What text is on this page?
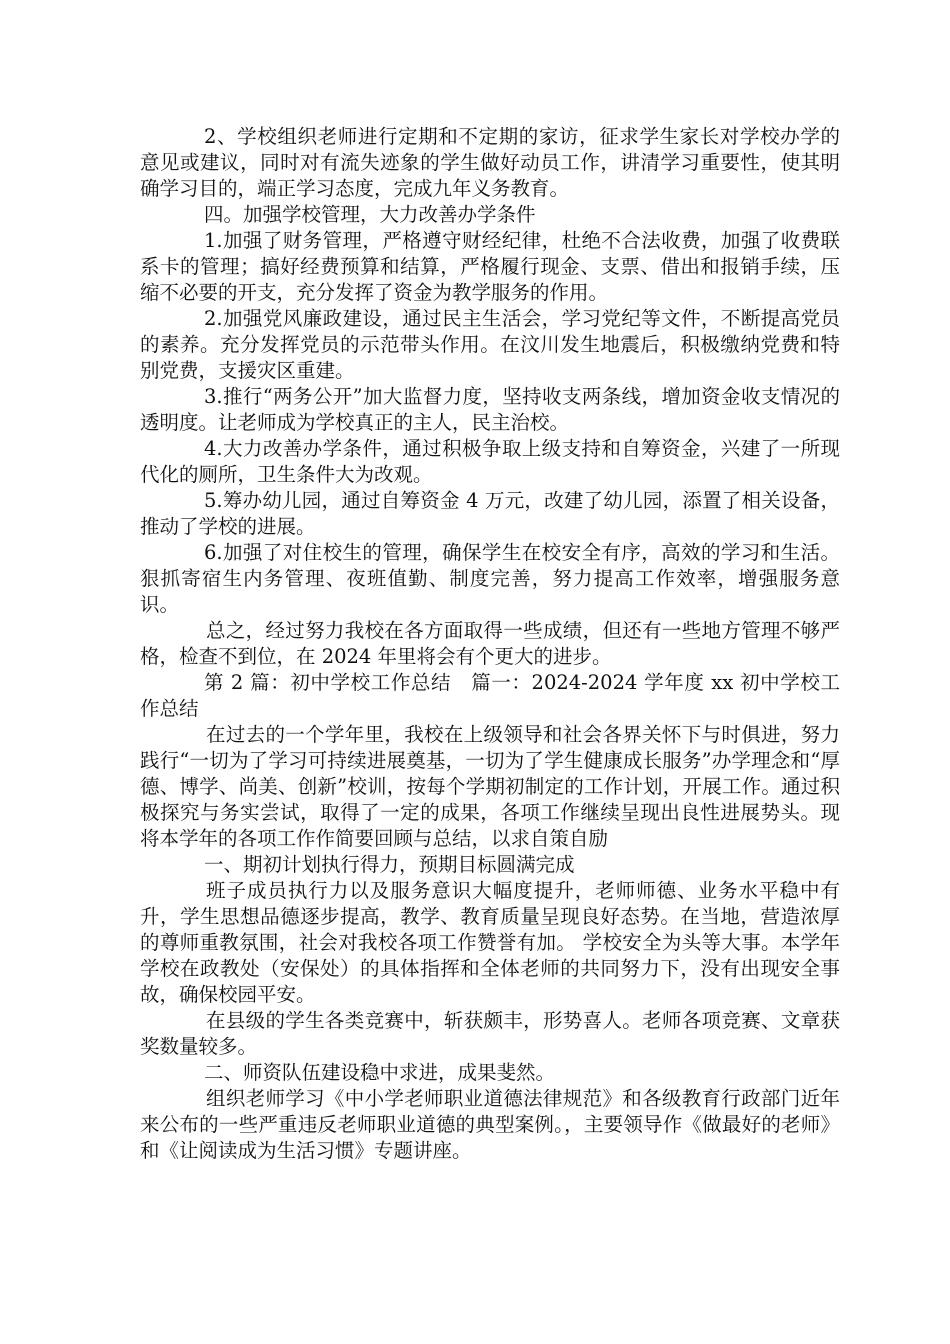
2、学校组织老师进行定期和不定期的家访，征求学生家长对学校办学的意见或建议，同时对有流失迹象的学生做好动员工作，讲清学习重要性，使其明确学习目的，端正学习态度，完成九年义务教育。

四。加强学校管理，大力改善办学条件

1.加强了财务管理，严格遵守财经纪律，杜绝不合法收费，加强了收费联系卡的管理；搞好经费预算和结算，严格履行现金、支票、借出和报销手续，压缩不必要的开支，充分发挥了资金为教学服务的作用。

2.加强党风廉政建设，通过民主生活会，学习党纪等文件，不断提高党员的素养。充分发挥党员的示范带头作用。在汶川发生地震后，积极缴纳党费和特别党费，支援灾区重建。

3.推行“两务公开”加大监督力度，坚持收支两条线，增加资金收支情况的透明度。让老师成为学校真正的主人，民主治校。

4.大力改善办学条件，通过积极争取上级支持和自筹资金，兴建了一所现代化的厕所，卫生条件大为改观。

5.筹办幼儿园，通过自筹资金 4 万元，改建了幼儿园，添置了相关设备，推动了学校的进展。

6.加强了对住校生的管理，确保学生在校安全有序，高效的学习和生活。狠抓寄宿生内务管理、夜班值勤、制度完善，努力提高工作效率，增强服务意识。

总之，经过努力我校在各方面取得一些成绩，但还有一些地方管理不够严格，检查不到位，在 2024 年里将会有个更大的进步。

第 2 篇：初中学校工作总结　篇一：2024-2024 学年度 xx 初中学校工作总结

在过去的一个学年里，我校在上级领导和社会各界关怀下与时俱进，努力践行“一切为了学习可持续进展奠基，一切为了学生健康成长服务”办学理念和“厚德、博学、尚美、创新”校训，按每个学期初制定的工作计划，开展工作。通过积极探究与务实尝试，取得了一定的成果，各项工作继续呈现出良性进展势头。现将本学年的各项工作作简要回顾与总结，以求自策自励

一、期初计划执行得力，预期目标圆满完成

班子成员执行力以及服务意识大幅度提升，老师师德、业务水平稳中有升，学生思想品德逐步提高，教学、教育质量呈现良好态势。在当地，营造浓厚的尊师重教氛围，社会对我校各项工作赞誉有加。 学校安全为头等大事。本学年学校在政教处（安保处）的具体指挥和全体老师的共同努力下，没有出现安全事故，确保校园平安。

在县级的学生各类竞赛中，斩获颇丰，形势喜人。老师各项竞赛、文章获奖数量较多。

二、师资队伍建设稳中求进，成果斐然。

组织老师学习《中小学老师职业道德法律规范》和各级教育行政部门近年来公布的一些严重违反老师职业道德的典型案例。，主要领导作《做最好的老师》和《让阅读成为生活习惯》专题讲座。
